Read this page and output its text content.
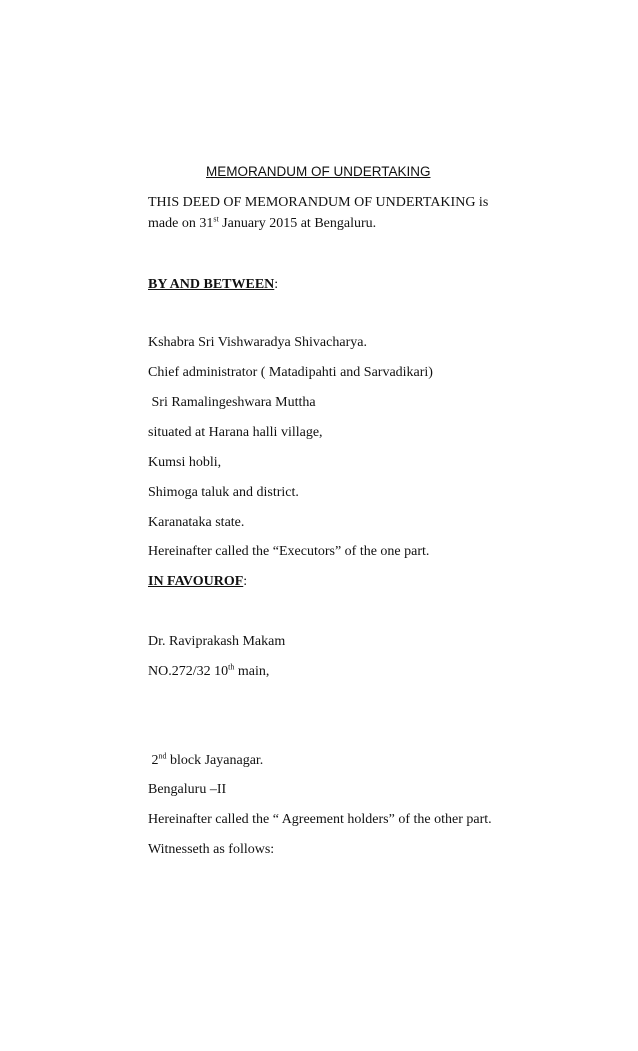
MEMORANDUM OF UNDERTAKING
THIS DEED OF MEMORANDUM OF UNDERTAKING is
made on 31st January 2015 at Bengaluru.
BY AND BETWEEN:
Kshabra Sri Vishwaradya Shivacharya.
Chief administrator ( Matadipahti and Sarvadikari)
Sri Ramalingeshwara Muttha
situated at Harana halli village,
Kumsi hobli,
Shimoga taluk and district.
Karanataka state.
Hereinafter called the “Executors” of the one part.
IN FAVOUROF:
Dr. Raviprakash Makam
NO.272/32 10th main,
2nd block Jayanagar.
Bengaluru –II
Hereinafter called the “ Agreement holders” of the other part.
Witnesseth as follows:
